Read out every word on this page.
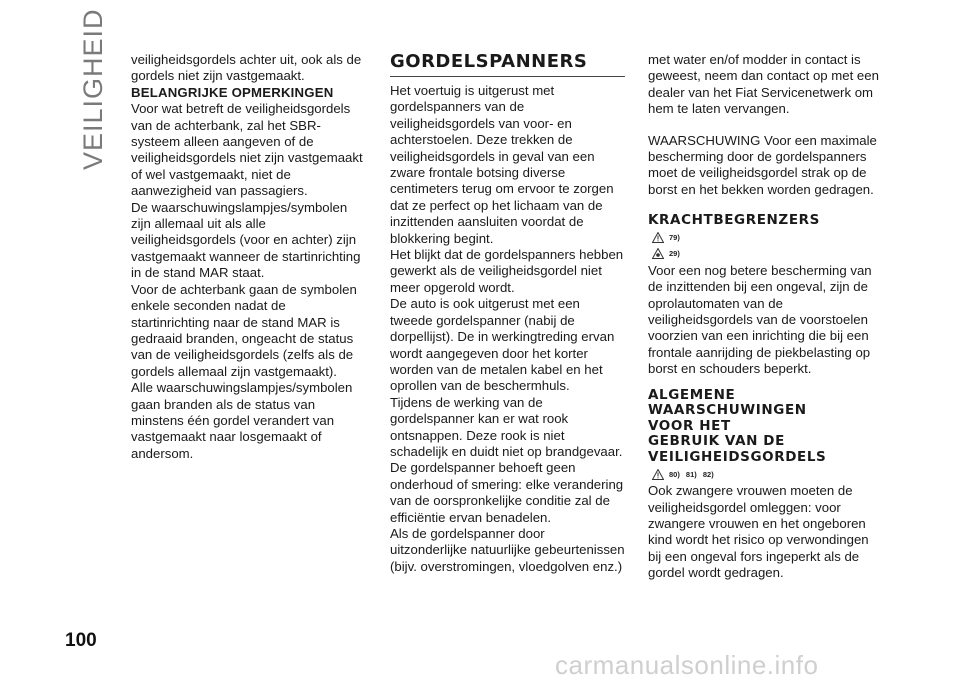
VEILIGHEID veiligheidsgordels achter uit, ook als de gordels niet zijn vastgemaakt.

BELANGRIJKE OPMERKINGEN

Voor wat betreft de veiligheidsgordels van de achterbank, zal het SBR-systeem alleen aangeven of de veiligheidsgordels niet zijn vastgemaakt of wel vastgemaakt, niet de aanwezigheid van passagiers.

De waarschuwingslampjes/symbolen zijn allemaal uit als alle veiligheidsgordels (voor en achter) zijn vastgemaakt wanneer de startinrichting in de stand MAR staat.

Voor de achterbank gaan de symbolen enkele seconden nadat de startinrichting naar de stand MAR is gedraaid branden, ongeacht de status van de veiligheidsgordels (zelfs als de gordels allemaal zijn vastgemaakt).

Alle waarschuwingslampjes/symbolen gaan branden als de status van minstens één gordel verandert van vastgemaakt naar losgemaakt of andersom.

GORDELSPANNERS

Het voertuig is uitgerust met gordelspanners van de veiligheidsgordels van voor- en achterstoelen. Deze trekken de veiligheidsgordels in geval van een zware frontale botsing diverse centimeters terug om ervoor te zorgen dat ze perfect op het lichaam van de inzittenden aansluiten voordat de blokkering begint.

Het blijkt dat de gordelspanners hebben gewerkt als de veiligheidsgordel niet meer opgerold wordt.

De auto is ook uitgerust met een tweede gordelspanner (nabij de dorpellijst). De in werkingtreding ervan wordt aangegeven door het korter worden van de metalen kabel en het oprollen van de beschermhuls.

Tijdens de werking van de gordelspanner kan er wat rook ontsnappen. Deze rook is niet schadelijk en duidt niet op brandgevaar.

De gordelspanner behoeft geen onderhoud of smering: elke verandering van de oorspronkelijke conditie zal de efficiëntie ervan benadelen.

Als de gordelspanner door uitzonderlijke natuurlijke gebeurtenissen (bijv. overstromingen, vloedgolven enz.)

met water en/of modder in contact is geweest, neem dan contact op met een dealer van het Fiat Servicenetwerk om hem te laten vervangen.

WAARSCHUWING Voor een maximale bescherming door de gordelspanners moet de veiligheidsgordel strak op de borst en het bekken worden gedragen.

KRACHTBEGRENZERS
79)
29)

Voor een nog betere bescherming van de inzittenden bij een ongeval, zijn de oprolautomaten van de veiligheidsgordels van de voorstoelen voorzien van een inrichting die bij een frontale aanrijding de piekbelasting op borst en schouders beperkt.

ALGEMENE
WAARSCHUWINGEN
VOOR HET
GEBRUIK VAN DE
VEILIGHEIDSGORDELS
80) 81) 82)

Ook zwangere vrouwen moeten de veiligheidsgordel omleggen: voor zwangere vrouwen en het ongeboren kind wordt het risico op verwondingen bij een ongeval fors ingeperkt als de gordel wordt gedragen.

100
carmanualsonline.info
